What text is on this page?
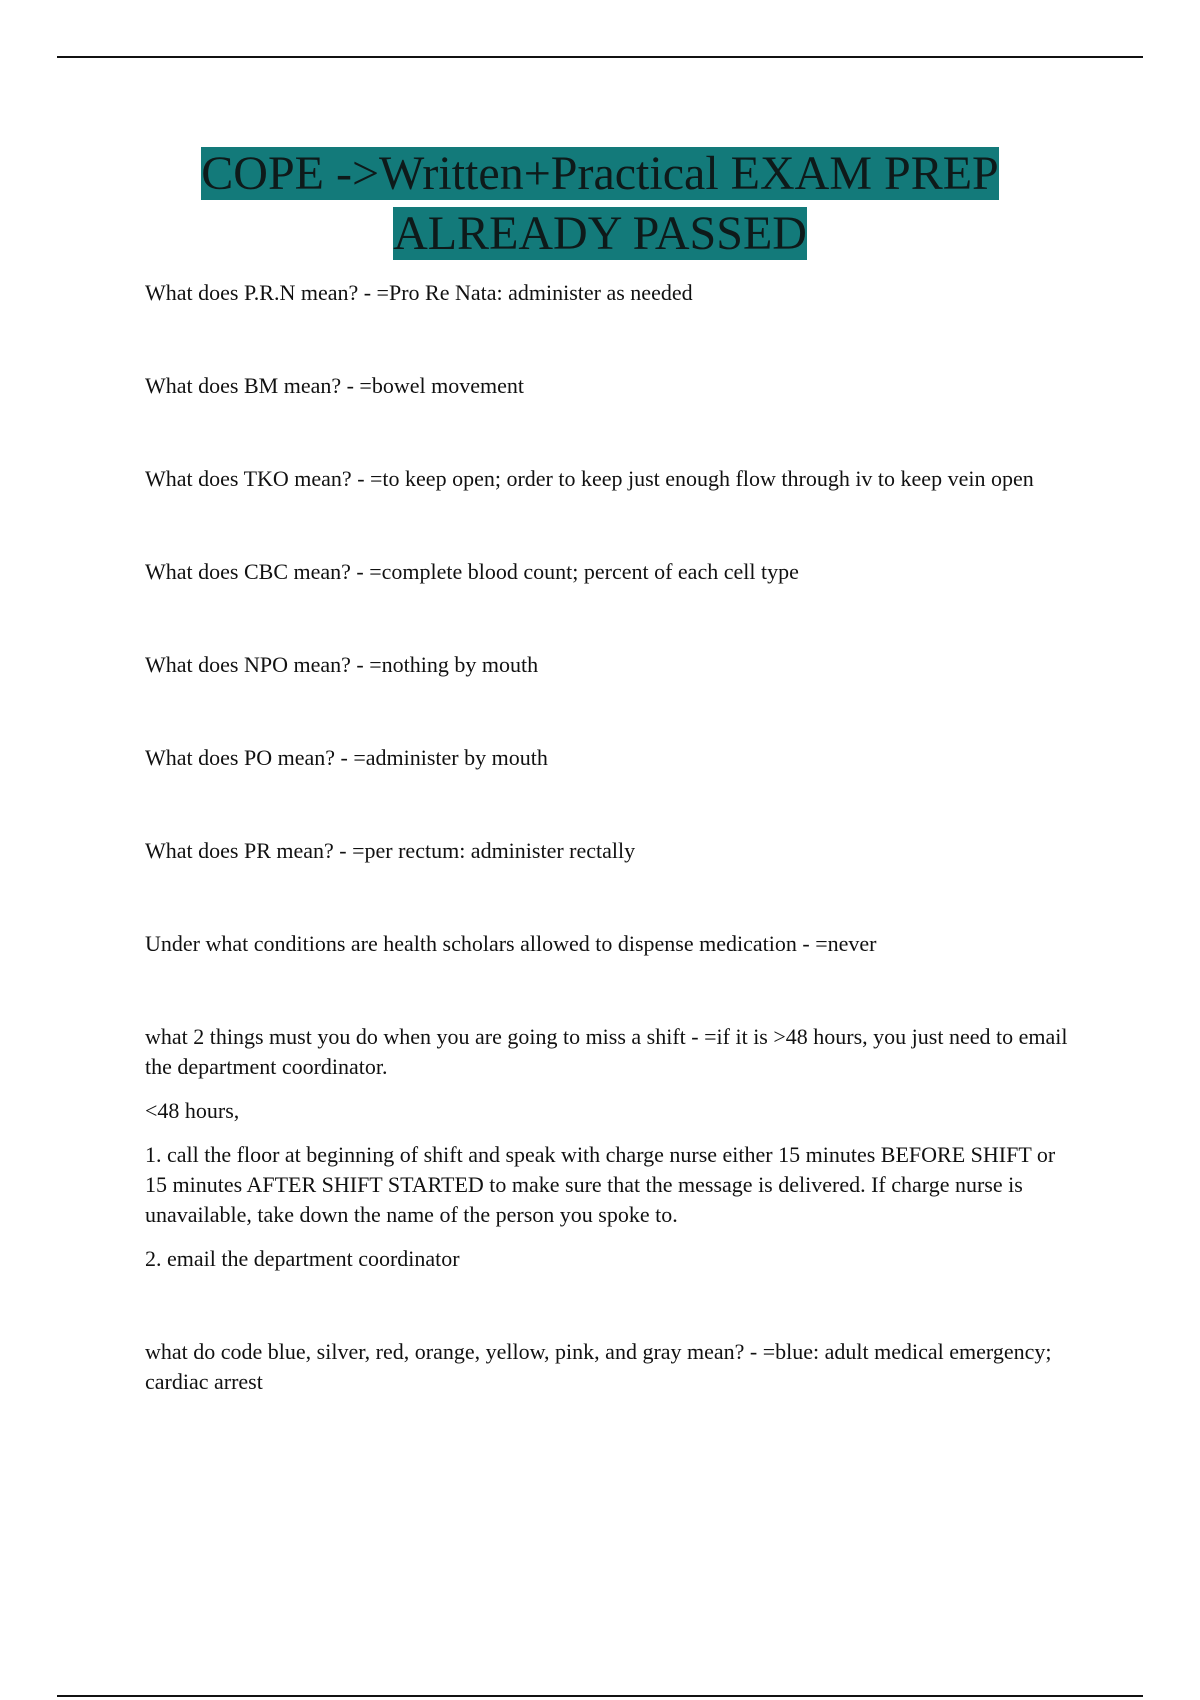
COPE ->Written+Practical EXAM PREP
ALREADY PASSED

What does P.R.N mean? - =Pro Re Nata: administer as needed

What does BM mean? - =bowel movement

What does TKO mean? - =to keep open; order to keep just enough flow through iv to keep vein open

What does CBC mean? - =complete blood count; percent of each cell type

What does NPO mean? - =nothing by mouth

What does PO mean? - =administer by mouth

What does PR mean? - =per rectum: administer rectally

Under what conditions are health scholars allowed to dispense medication - =never

what 2 things must you do when you are going to miss a shift - =if it is >48 hours, you just need to email the department coordinator.

<48 hours,

1. call the floor at beginning of shift and speak with charge nurse either 15 minutes BEFORE SHIFT or 15 minutes AFTER SHIFT STARTED to make sure that the message is delivered. If charge nurse is unavailable, take down the name of the person you spoke to.

2. email the department coordinator

what do code blue, silver, red, orange, yellow, pink, and gray mean? - =blue: adult medical emergency; cardiac arrest
